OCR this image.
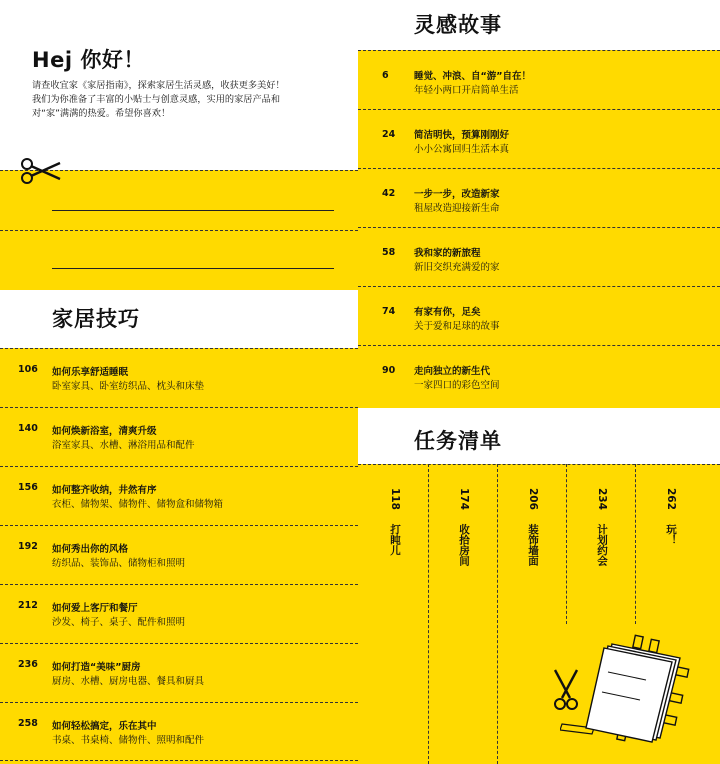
Hej 你好！
请查收宜家《家居指南》，探索家居生活灵感，收获更多美好！
我们为你准备了丰富的小贴士与创意灵感，实用的家居产品和
对“家”满满的热爱。希望你喜欢！
家居技巧
106 如何乐享舒适睡眠
卧室家具、卧室纺织品、枕头和床垫
140 如何焕新浴室，清爽升级
浴室家具、水槽、淋浴用品和配件
156 如何整齐收纳，井然有序
衣柜、储物架、储物件、储物盒和储物箱
192 如何秀出你的风格
纺织品、装饰品、储物柜和照明
212 如何爱上客厅和餐厅
沙发、椅子、桌子、配件和照明
236 如何打造“美味”厨房
厨房、水槽、厨房电器、餐具和厨具
258 如何轻松搞定，乐在其中
书桌、书桌椅、储物件、照明和配件
灵感故事
6	睡觉、冲浪、自“游”自在！
年轻小两口开启简单生活
24 简洁明快，预算刚刚好
小小公寓回归生活本真
42 一步一步，改造新家
租屋改造迎接新生命
58 我和家的新旅程
新旧交织充满爱的家
74 有家有你，足矣
关于爱和足球的故事
90 走向独立的新生代
一家四口的彩色空间
任务清单
118打盹儿
174收拾房间
206装饰墙面
234计划约会
262玩！
